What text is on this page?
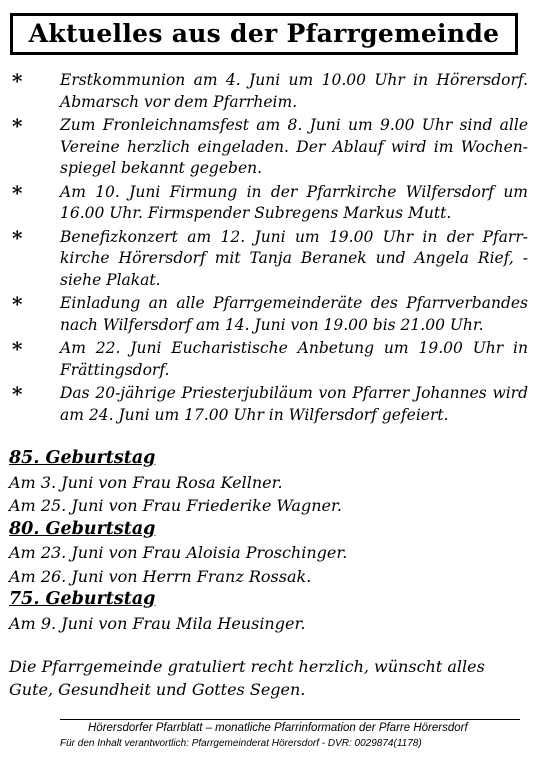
Aktuelles aus der Pfarrgemeinde
* Erstkommunion am 4. Juni um 10.00 Uhr in Hörersdorf. Abmarsch vor dem Pfarrheim.
* Zum Fronleichnamsfest am 8. Juni um 9.00 Uhr sind alle Vereine herzlich eingeladen. Der Ablauf wird im Wochen-spiegel bekannt gegeben.
* Am 10. Juni Firmung in der Pfarrkirche Wilfersdorf um 16.00 Uhr. Firmspender Subregens Markus Mutt.
* Benefizkonzert am 12. Juni um 19.00 Uhr in der Pfarr-kirche Hörersdorf mit Tanja Beranek und Angela Rief, - siehe Plakat.
* Einladung an alle Pfarrgemeinderäte des Pfarrverbandes nach Wilfersdorf am 14. Juni von 19.00 bis 21.00 Uhr.
* Am 22. Juni Eucharistische Anbetung um 19.00 Uhr in Frättingsdorf.
* Das 20-jährige Priesterjubiläum von Pfarrer Johannes wird am 24. Juni um 17.00 Uhr in Wilfersdorf gefeiert.
85. Geburtstag
Am 3. Juni von Frau Rosa Kellner.
Am 25. Juni von Frau Friederike Wagner.
80. Geburtstag
Am 23. Juni von Frau Aloisia Proschinger.
Am 26. Juni von Herrn Franz Rossak.
75. Geburtstag
Am 9. Juni von Frau Mila Heusinger.
Die Pfarrgemeinde gratuliert recht herzlich, wünscht alles Gute, Gesundheit und Gottes Segen.
Hörersdorfer Pfarrblatt – monatliche Pfarrinformation der Pfarre Hörersdorf
Für den Inhalt verantwortlich: Pfarrgemeinderat Hörersdorf - DVR: 0029874(1178)
